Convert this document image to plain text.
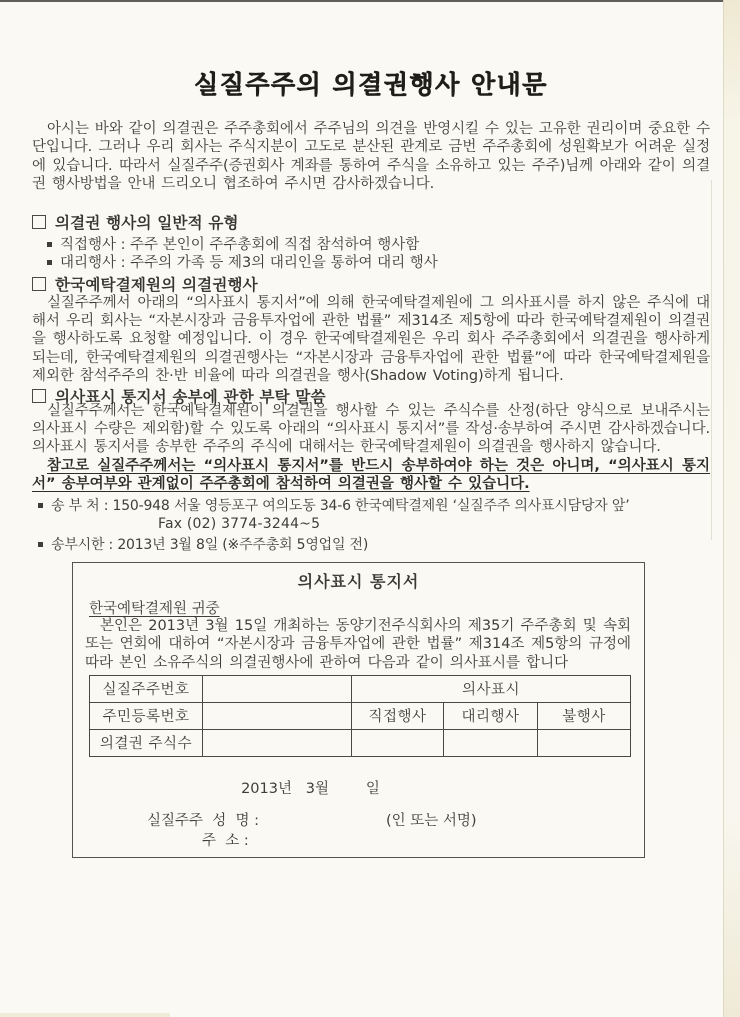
실질주주의 의결권행사 안내문

아시는 바와 같이 의결권은 주주총회에서 주주님의 의견을 반영시킬 수 있는 고유한 권리이며 중요한 수단입니다. 그러나 우리 회사는 주식지분이 고도로 분산된 관계로 금번 주주총회에 성원확보가 어려운 실정에 있습니다. 따라서 실질주주(증권회사 계좌를 통하여 주식을 소유하고 있는 주주)님께 아래와 같이 의결권 행사방법을 안내 드리오니 협조하여 주시면 감사하겠습니다.

의결권 행사의 일반적 유형
직접행사 : 주주 본인이 주주총회에 직접 참석하여 행사함
대리행사 : 주주의 가족 등 제3의 대리인을 통하여 대리 행사
한국예탁결제원의 의결권행사

실질주주께서 아래의 “의사표시 통지서”에 의해 한국예탁결제원에 그 의사표시를 하지 않은 주식에 대해서 우리 회사는 “자본시장과 금융투자업에 관한 법률” 제314조 제5항에 따라 한국예탁결제원이 의결권을 행사하도록 요청할 예정입니다. 이 경우 한국예탁결제원은 우리 회사 주주총회에서 의결권을 행사하게 되는데, 한국예탁결제원의 의결권행사는 “자본시장과 금융투자업에 관한 법률”에 따라 한국예탁결제원을 제외한 참석주주의 찬·반 비율에 따라 의결권을 행사(Shadow Voting)하게 됩니다.

의사표시 통지서 송부에 관한 부탁 말씀

실질주주께서는 한국예탁결제원이 의결권을 행사할 수 있는 주식수를 산정(하단 양식으로 보내주시는 의사표시 수량은 제외함)할 수 있도록 아래의 “의사표시 통지서”를 작성·송부하여 주시면 감사하겠습니다. 의사표시 통지서를 송부한 주주의 주식에 대해서는 한국예탁결제원이 의결권을 행사하지 않습니다.

참고로 실질주주께서는 “의사표시 통지서”를 반드시 송부하여야 하는 것은 아니며, “의사표시 통지서” 송부여부와 관계없이 주주총회에 참석하여 의결권을 행사할 수 있습니다.

송 부 처 : 150-948 서울 영등포구 여의도동 34-6 한국예탁결제원 ‘실질주주 의사표시담당자 앞’
Fax (02) 3774-3244~5
송부시한 : 2013년 3월 8일 (※주주총회 5영업일 전)
의사표시 통지서
한국예탁결제원 귀중

본인은 2013년 3월 15일 개최하는 동양기전주식회사의 제35기 주주총회 및 속회 또는 연회에 대하여 “자본시장과 금융투자업에 관한 법률” 제314조 제5항의 규정에 따라 본인 소유주식의 의결권행사에 관하여 다음과 같이 의사표시를 합니다

실질주주번호		의사표시		
주민등록번호		직접행사	대리행사	불행사
의결권 주식수				
2013년   3월        일
실질주주  성  명 :	(인 또는 서명)
주  소 :
